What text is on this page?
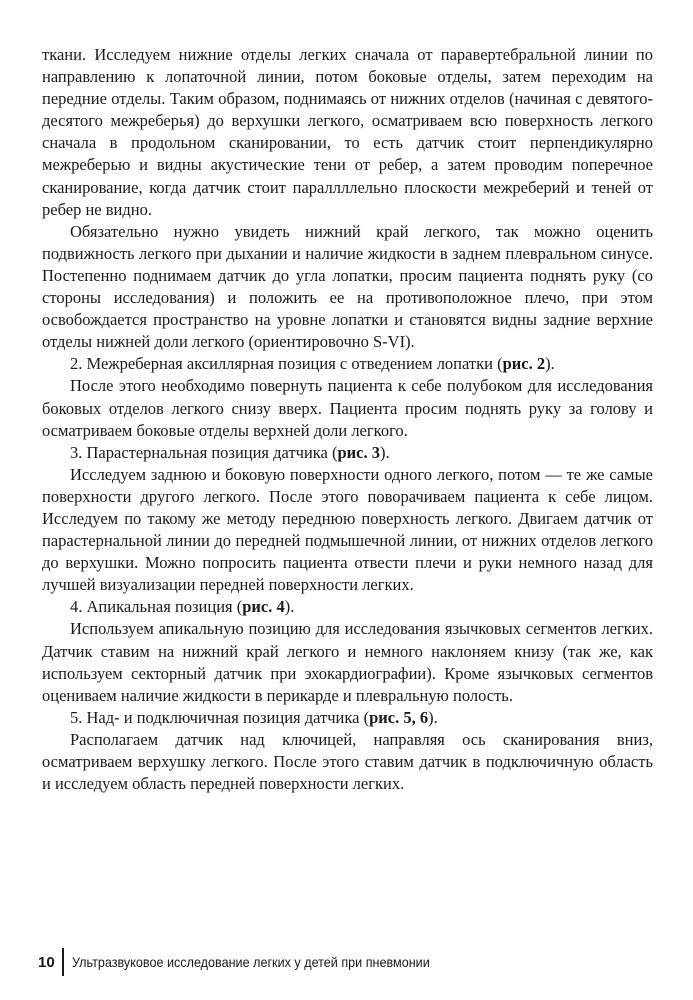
ткани. Исследуем нижние отделы легких сначала от паравертебральной линии по направлению к лопаточной линии, потом боковые отделы, затем переходим на передние отделы. Таким образом, поднимаясь от нижних отделов (начиная с девятого-десятого межреберья) до верхушки легкого, осматриваем всю поверхность легкого сначала в продольном сканировании, то есть датчик стоит перпендикулярно межреберью и видны акустические тени от ребер, а затем проводим поперечное сканирование, когда датчик стоит параллллельно плоскости межреберий и теней от ребер не видно.

Обязательно нужно увидеть нижний край легкого, так можно оценить подвижность легкого при дыхании и наличие жидкости в заднем плевральном синусе. Постепенно поднимаем датчик до угла лопатки, просим пациента поднять руку (со стороны исследования) и положить ее на противоположное плечо, при этом освобождается пространство на уровне лопатки и становятся видны задние верхние отделы нижней доли легкого (ориентировочно S-VI).

2. Межреберная аксиллярная позиция с отведением лопатки (рис. 2).

После этого необходимо повернуть пациента к себе полубоком для исследования боковых отделов легкого снизу вверх. Пациента просим поднять руку за голову и осматриваем боковые отделы верхней доли легкого.

3. Парастернальная позиция датчика (рис. 3).

Исследуем заднюю и боковую поверхности одного легкого, потом — те же самые поверхности другого легкого. После этого поворачиваем пациента к себе лицом. Исследуем по такому же методу переднюю поверхность легкого. Двигаем датчик от парастернальной линии до передней подмышечной линии, от нижних отделов легкого до верхушки. Можно попросить пациента отвести плечи и руки немного назад для лучшей визуализации передней поверхности легких.

4. Апикальная позиция (рис. 4).

Используем апикальную позицию для исследования язычковых сегментов легких. Датчик ставим на нижний край легкого и немного наклоняем книзу (так же, как используем секторный датчик при эхокардиографии). Кроме язычковых сегментов оцениваем наличие жидкости в перикарде и плевральную полость.

5. Над- и подключичная позиция датчика (рис. 5, 6).

Располагаем датчик над ключицей, направляя ось сканирования вниз, осматриваем верхушку легкого. После этого ставим датчик в подключичную область и исследуем область передней поверхности легких.

10	Ультразвуковое исследование легких у детей при пневмонии
